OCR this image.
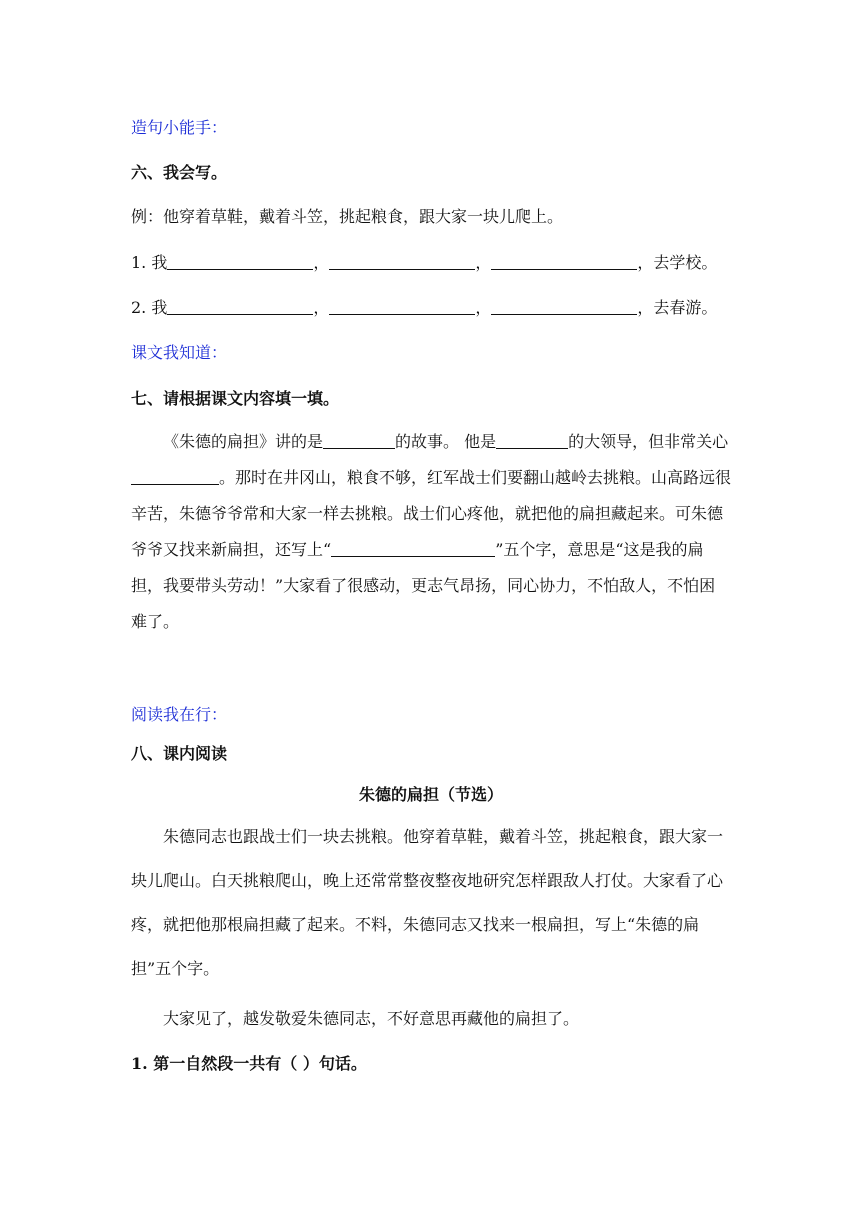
造句小能手：
六、我会写。
例：他穿着草鞋，戴着斗笠，挑起粮食，跟大家一块儿爬上。
1. 我	，	，	，去学校。
2. 我	，	，	，去春游。
课文我知道：
七、请根据课文内容填一填。
《朱德的扁担》讲的是	的故事。 他是	的大领导，但非常关心。那时在井冈山，粮食不够，红军战士们要翻山越岭去挑粮。山高路远很辛苦，朱德爷爷常和大家一样去挑粮。战士们心疼他，就把他的扁担藏起来。可朱德爷爷又找来新扁担，还写上“	”五个字，意思是“这是我的扁担，我要带头劳动！”大家看了很感动，更志气昂扬，同心协力，不怕敌人，不怕困难了。
阅读我在行：
八、课内阅读
朱德的扁担（节选）
朱德同志也跟战士们一块去挑粮。他穿着草鞋，戴着斗笠，挑起粮食，跟大家一块儿爬山。白天挑粮爬山，晚上还常常整夜整夜地研究怎样跟敌人打仗。大家看了心疼，就把他那根扁担藏了起来。不料，朱德同志又找来一根扁担，写上“朱德的扁担”五个字。
大家见了，越发敬爱朱德同志，不好意思再藏他的扁担了。
1. 第一自然段一共有（ ）句话。
